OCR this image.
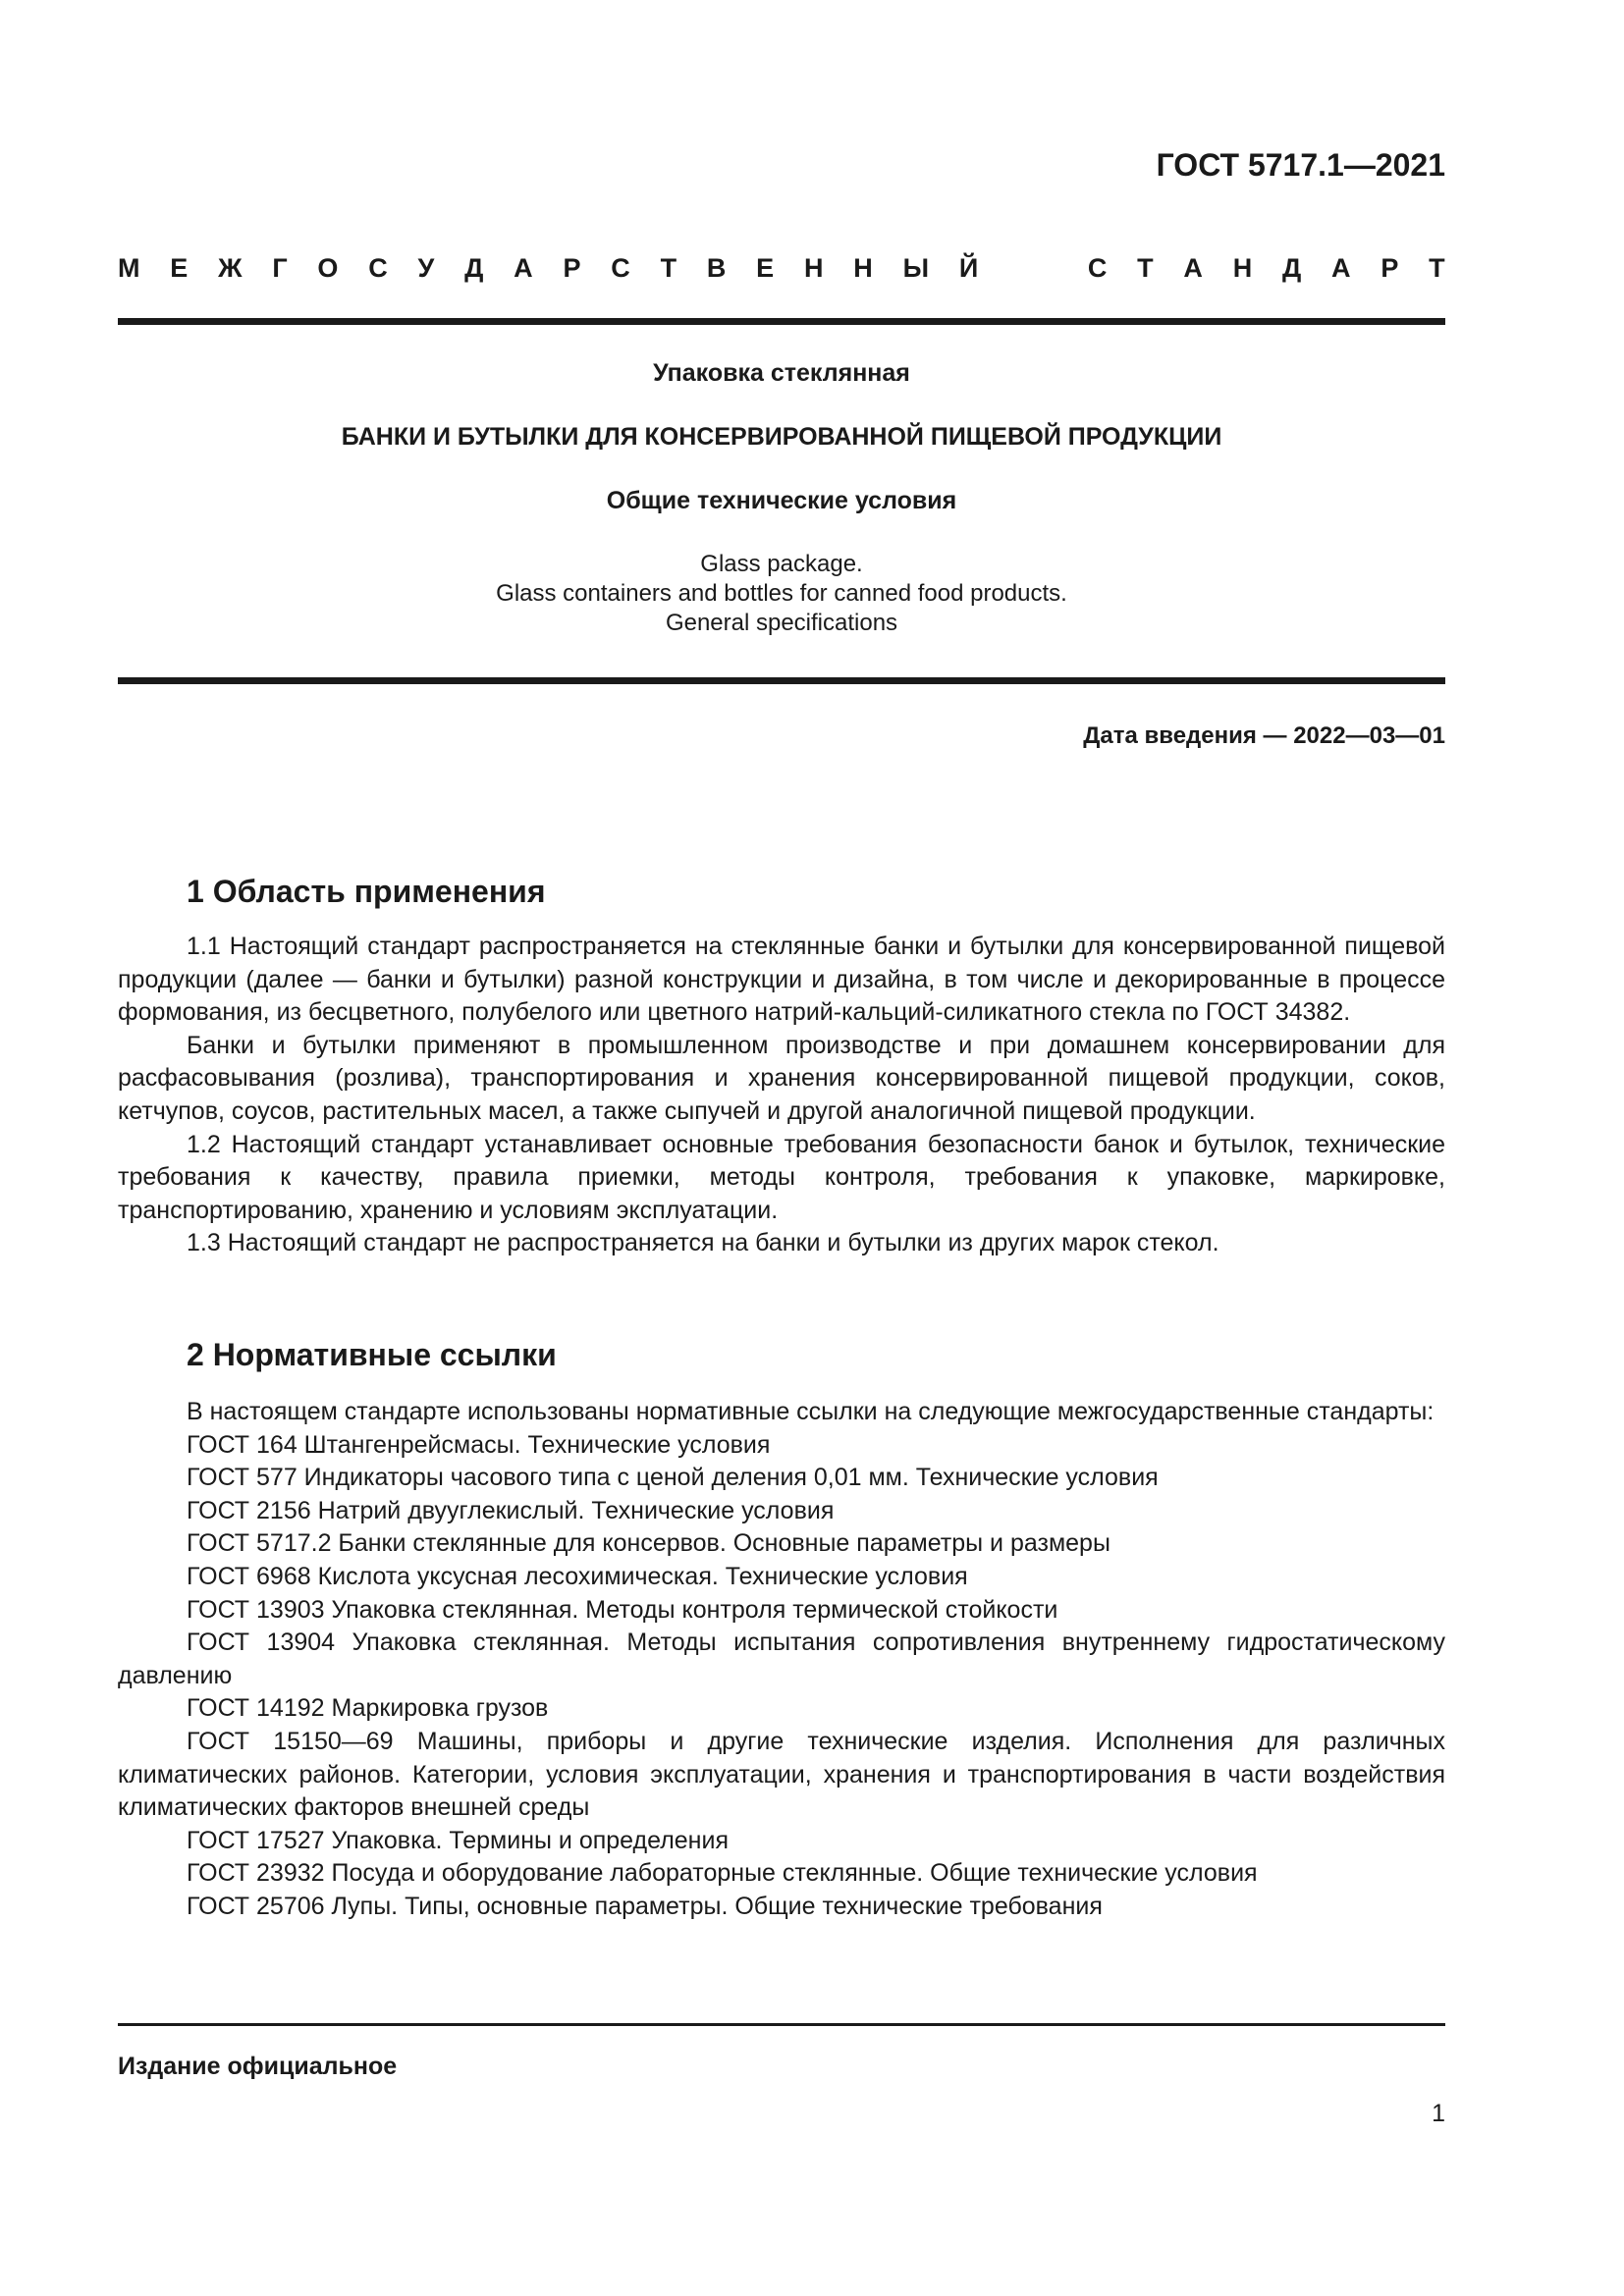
ГОСТ 5717.1—2021
М Е Ж Г О С У Д А Р С Т В Е Н Н Ы Й	С Т А Н Д А Р Т
Упаковка стеклянная
БАНКИ И БУТЫЛКИ ДЛЯ КОНСЕРВИРОВАННОЙ ПИЩЕВОЙ ПРОДУКЦИИ
Общие технические условия
Glass package.
Glass containers and bottles for canned food products.
General specifications
Дата введения — 2022—03—01
1 Область применения

1.1 Настоящий стандарт распространяется на стеклянные банки и бутылки для консервированной пищевой продукции (далее — банки и бутылки) разной конструкции и дизайна, в том числе и декорированные в процессе формования, из бесцветного, полубелого или цветного натрий-кальций-силикатного стекла по ГОСТ 34382.

Банки и бутылки применяют в промышленном производстве и при домашнем консервировании для расфасовывания (розлива), транспортирования и хранения консервированной пищевой продукции, соков, кетчупов, соусов, растительных масел, а также сыпучей и другой аналогичной пищевой продукции.

1.2 Настоящий стандарт устанавливает основные требования безопасности банок и бутылок, технические требования к качеству, правила приемки, методы контроля, требования к упаковке, маркировке, транспортированию, хранению и условиям эксплуатации.

1.3 Настоящий стандарт не распространяется на банки и бутылки из других марок стекол.

2 Нормативные ссылки

В настоящем стандарте использованы нормативные ссылки на следующие межгосударственные стандарты:

ГОСТ 164 Штангенрейсмасы. Технические условия

ГОСТ 577 Индикаторы часового типа с ценой деления 0,01 мм. Технические условия

ГОСТ 2156 Натрий двууглекислый. Технические условия

ГОСТ 5717.2 Банки стеклянные для консервов. Основные параметры и размеры

ГОСТ 6968 Кислота уксусная лесохимическая. Технические условия

ГОСТ 13903 Упаковка стеклянная. Методы контроля термической стойкости

ГОСТ 13904 Упаковка стеклянная. Методы испытания сопротивления внутреннему гидростатическому давлению

ГОСТ 14192 Маркировка грузов

ГОСТ 15150—69 Машины, приборы и другие технические изделия. Исполнения для различных климатических районов. Категории, условия эксплуатации, хранения и транспортирования в части воздействия климатических факторов внешней среды

ГОСТ 17527 Упаковка. Термины и определения

ГОСТ 23932 Посуда и оборудование лабораторные стеклянные. Общие технические условия

ГОСТ 25706 Лупы. Типы, основные параметры. Общие технические требования

Издание официальное
1
